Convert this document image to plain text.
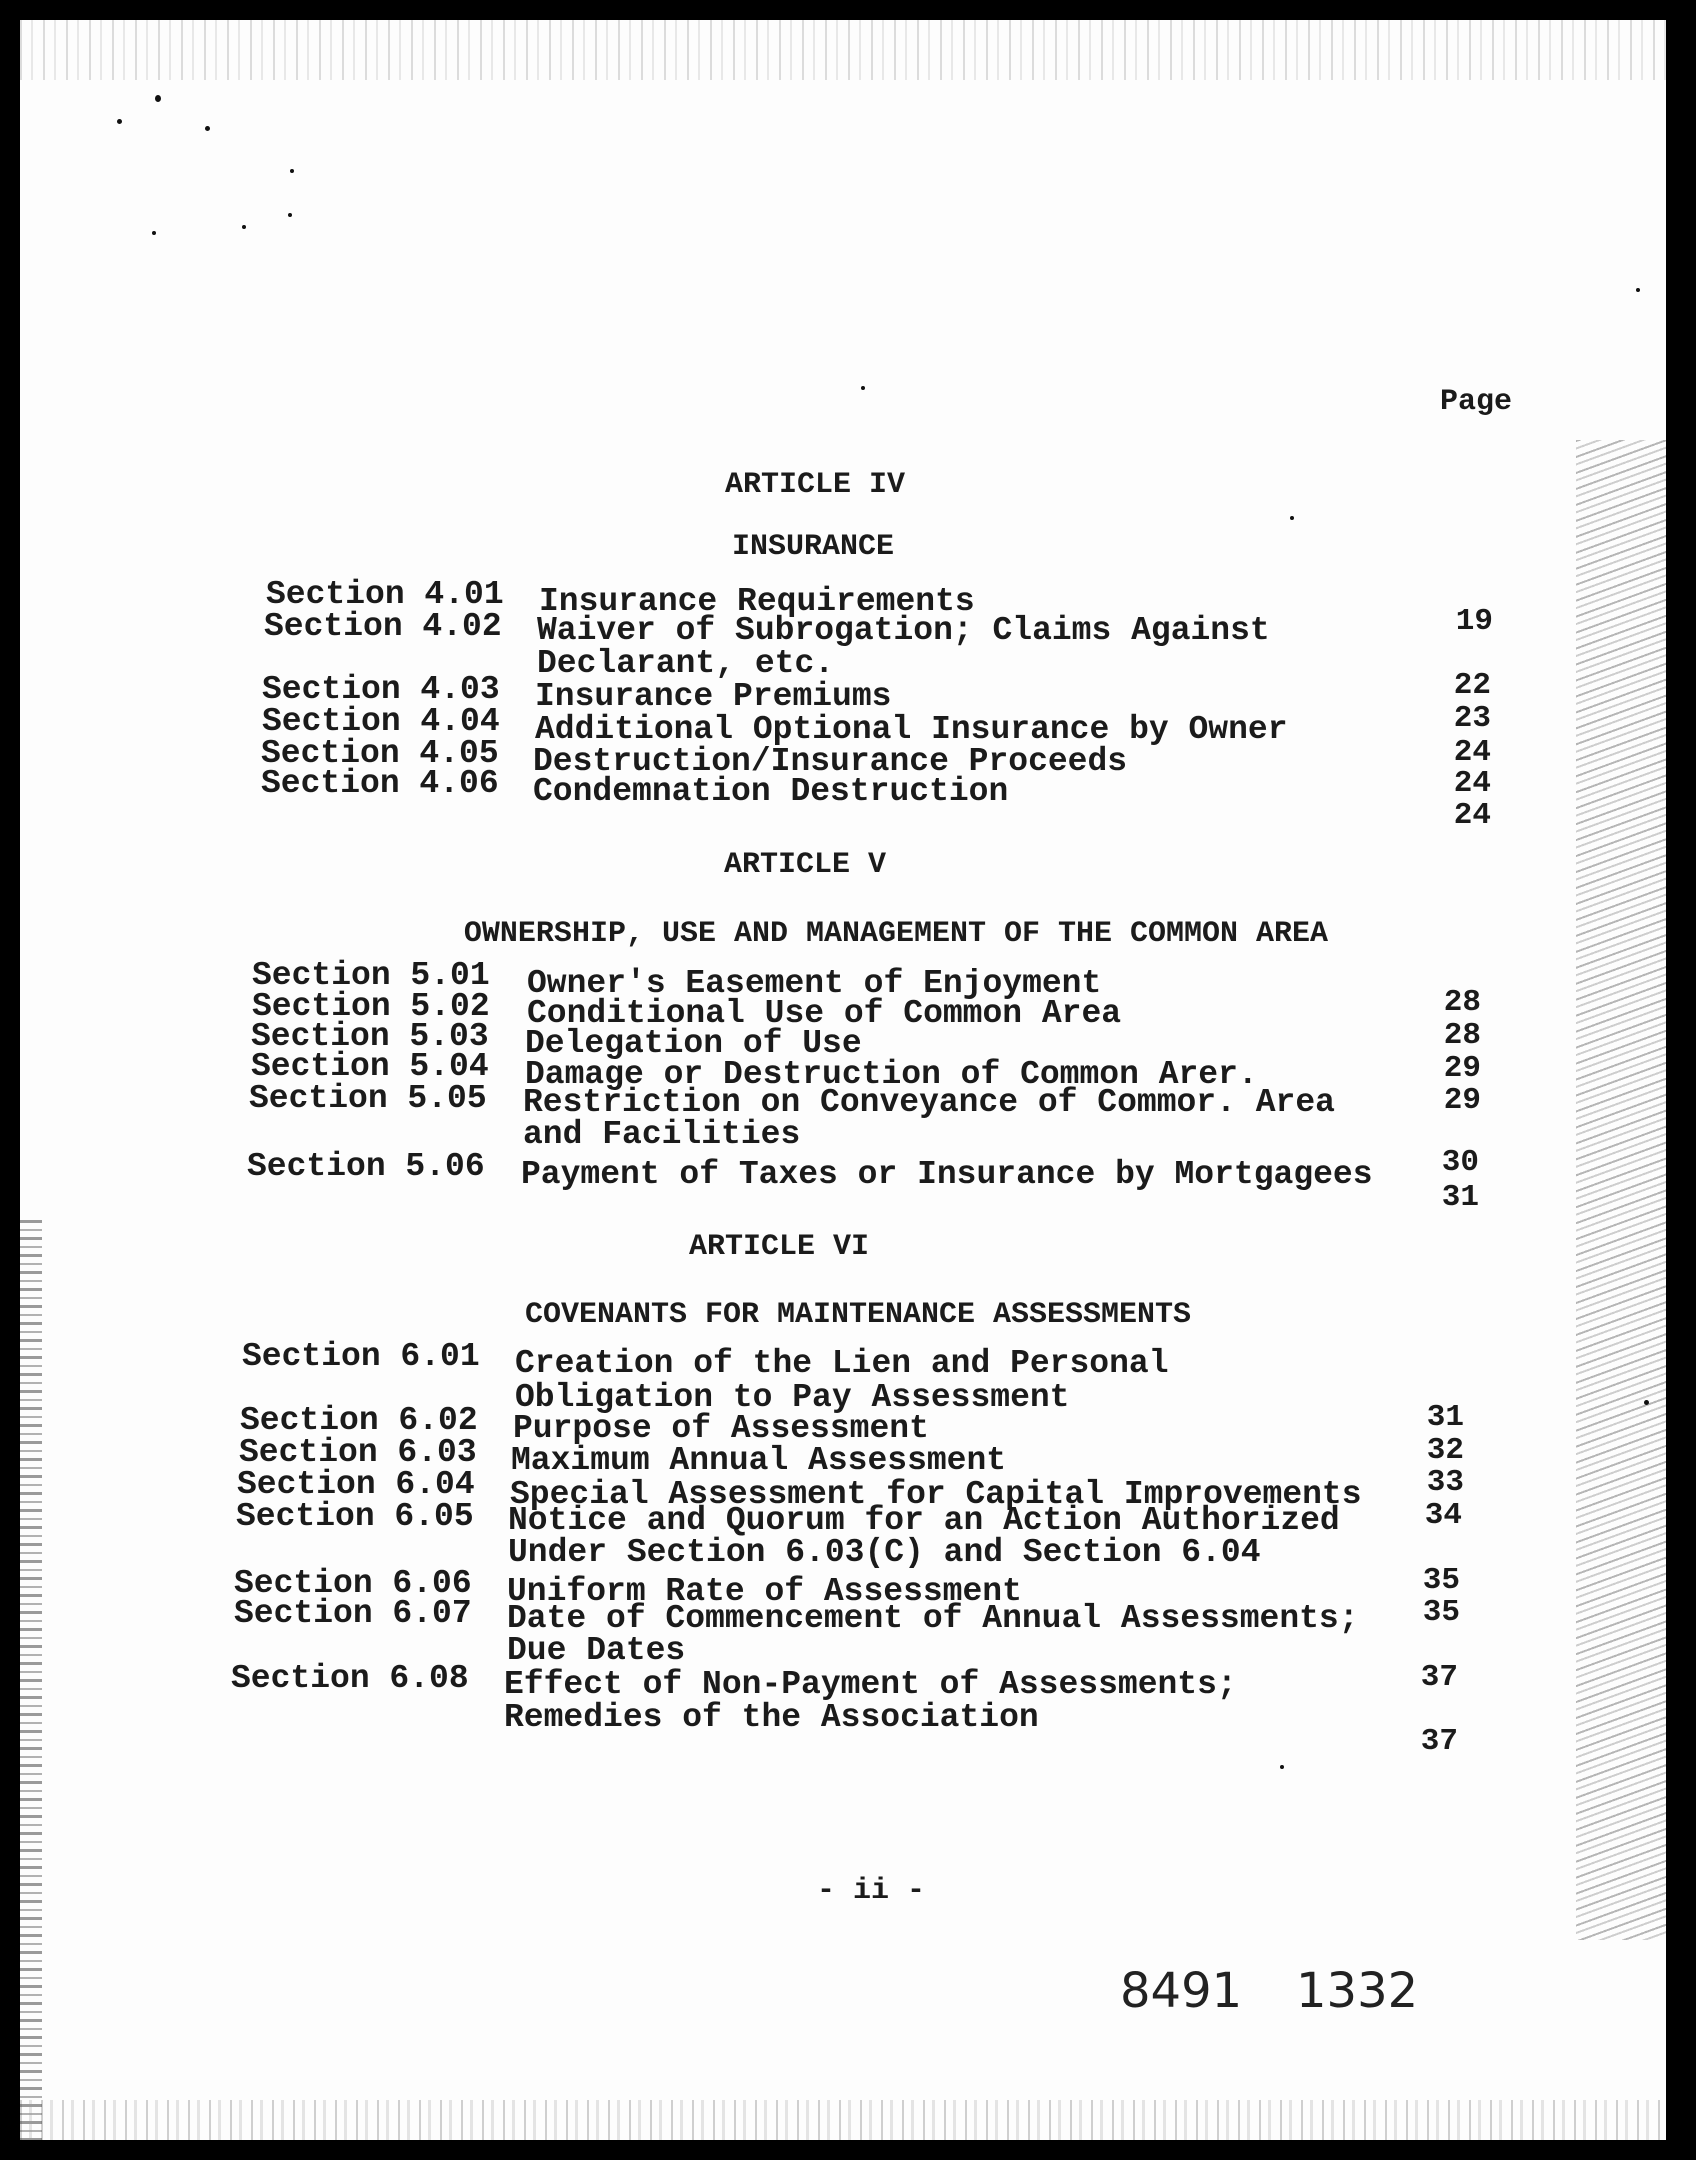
Page
ARTICLE IV
INSURANCE
Section 4.01 Insurance Requirements
Section 4.02 Waiver of Subrogation; Claims Against
Declarant, etc.
Section 4.03 Insurance Premiums
Section 4.04 Additional Optional Insurance by Owner
Section 4.05 Destruction/Insurance Proceeds
Section 4.06 Condemnation Destruction
19
22
23
24
24
24
ARTICLE V
OWNERSHIP, USE AND MANAGEMENT OF THE COMMON AREA
Section 5.01 Owner's Easement of Enjoyment
Section 5.02 Conditional Use of Common Area
Section 5.03 Delegation of Use
Section 5.04 Damage or Destruction of Common Arer.
Section 5.05 Restriction on Conveyance of Commor. Area
and Facilities
Section 5.06 Payment of Taxes or Insurance by Mortgagees
28
28
29
29
30
31
ARTICLE VI
COVENANTS FOR MAINTENANCE ASSESSMENTS
Section 6.01 Creation of the Lien and Personal
Obligation to Pay Assessment
Section 6.02 Purpose of Assessment
Section 6.03 Maximum Annual Assessment
Section 6.04 Special Assessment for Capital Improvements
Section 6.05 Notice and Quorum for an Action Authorized
Under Section 6.03(C) and Section 6.04
Section 6.06 Uniform Rate of Assessment
Section 6.07 Date of Commencement of Annual Assessments;
Due Dates
Section 6.08 Effect of Non-Payment of Assessments;
Remedies of the Association
31
32
33
34
35
35
37
37
- ii -
8491 1332
